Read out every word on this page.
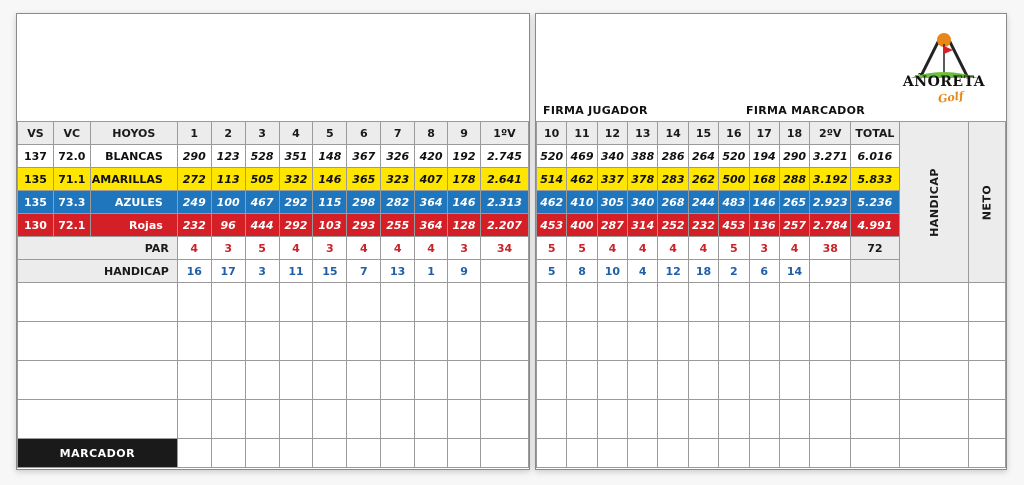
VS	VC	HOYOS	1	2	3	4	5	6	7	8	9	1ºV
137	72.0	BLANCAS	290	123	528	351	148	367	326	420	192	2.745
135	71.1	AMARILLAS	272	113	505	332	146	365	323	407	178	2.641
135	73.3	AZULES	249	100	467	292	115	298	282	364	146	2.313
130	72.1	Rojas	232	96	444	292	103	293	255	364	128	2.207
PAR			4	3	5	4	3	4	4	4	3	34
HANDICAP			16	17	3	11	15	7	13	1	9	

MARCADOR												
FIRMA JUGADOR	FIRMA MARCADOR
AÑORETA
Golf
10	11	12	13	14	15	16	17	18	2ºV	TOTAL	HANDICAP	NETO
520	469	340	388	286	264	520	194	290	3.271	6.016		
514	462	337	378	283	262	500	168	288	3.192	5.833		
462	410	305	340	268	244	483	146	265	2.923	5.236		
453	400	287	314	252	232	453	136	257	2.784	4.991		
5	5	4	4	4	4	5	3	4	38	72		
5	8	10	4	12	18	2	6	14				
